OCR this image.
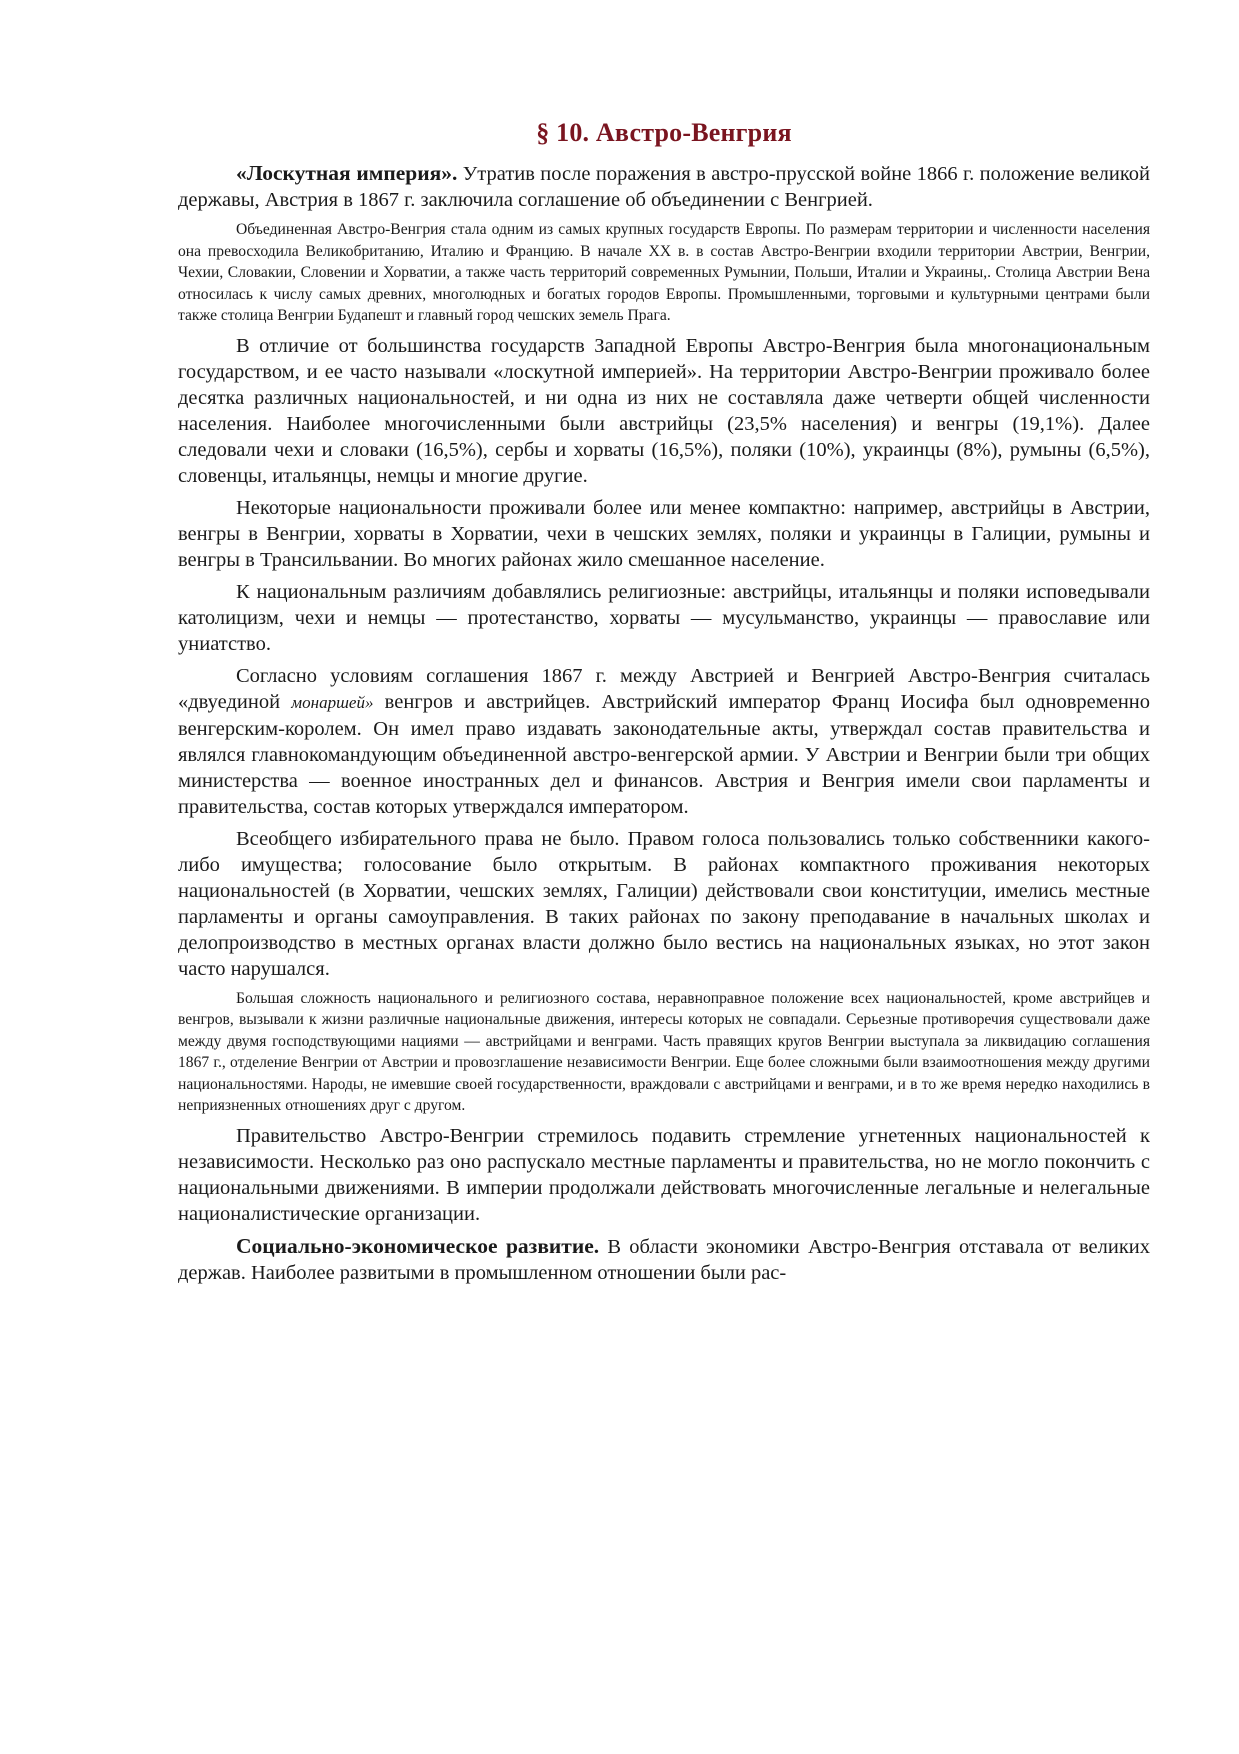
§ 10. Австро-Венгрия

«Лоскутная империя». Утратив после поражения в австро-прусской войне 1866 г. положение великой державы, Австрия в 1867 г. заключила соглашение об объединении с Венгрией.

Объединенная Австро-Венгрия стала одним из самых крупных государств Европы. По размерам территории и численности населения она превосходила Великобританию, Италию и Францию. В начале XX в. в состав Австро-Венгрии входили территории Австрии, Венгрии, Чехии, Словакии, Словении и Хорватии, а также часть территорий современных Румынии, Польши, Италии и Украины,. Столица Австрии Вена относилась к числу самых древних, многолюдных и богатых городов Европы. Промышленными, торговыми и культурными центрами были также столица Венгрии Будапешт и главный город чешских земель Прага.

В отличие от большинства государств Западной Европы Австро-Венгрия была многонациональным государством, и ее часто называли «лоскутной империей». На территории Австро-Венгрии проживало более десятка различных национальностей, и ни одна из них не составляла даже четверти общей численности населения. Наиболее многочисленными были австрийцы (23,5% населения) и венгры (19,1%). Далее следовали чехи и словаки (16,5%), сербы и хорваты (16,5%), поляки (10%), украинцы (8%), румыны (6,5%), словенцы, итальянцы, немцы и многие другие.

Некоторые национальности проживали более или менее компактно: например, австрийцы в Австрии, венгры в Венгрии, хорваты в Хорватии, чехи в чешских землях, поляки и украинцы в Галиции, румыны и венгры в Трансильвании. Во многих районах жило смешанное население.

К национальным различиям добавлялись религиозные: австрийцы, итальянцы и поляки исповедывали католицизм, чехи и немцы — протестанство, хорваты — мусульманство, украинцы — православие или униатство.

Согласно условиям соглашения 1867 г. между Австрией и Венгрией Австро-Венгрия считалась «двуединой монаршей» венгров и австрийцев. Австрийский император Франц Иосифа был одновременно венгерским-королем. Он имел право издавать законодательные акты, утверждал состав правительства и являлся главнокомандующим объединенной австро-венгерской армии. У Австрии и Венгрии были три общих министерства — военное иностранных дел и финансов. Австрия и Венгрия имели свои парламенты и правительства, состав которых утверждался императором.

Всеобщего избирательного права не было. Правом голоса пользовались только собственники какого-либо имущества; голосование было открытым. В районах компактного проживания некоторых национальностей (в Хорватии, чешских землях, Галиции) действовали свои конституции, имелись местные парламенты и органы самоуправления. В таких районах по закону преподавание в начальных школах и делопроизводство в местных органах власти должно было вестись на национальных языках, но этот закон часто нарушался.

Большая сложность национального и религиозного состава, неравноправное положение всех национальностей, кроме австрийцев и венгров, вызывали к жизни различные национальные движения, интересы которых не совпадали. Серьезные противоречия существовали даже между двумя господствующими нациями — австрийцами и венграми. Часть правящих кругов Венгрии выступала за ликвидацию соглашения 1867 г., отделение Венгрии от Австрии и провозглашение независимости Венгрии. Еще более сложными были взаимоотношения между другими национальностями. Народы, не имевшие своей государственности, враждовали с австрийцами и венграми, и в то же время нередко находились в неприязненных отношениях друг с другом.

Правительство Австро-Венгрии стремилось подавить стремление угнетенных национальностей к независимости. Несколько раз оно распускало местные парламенты и правительства, но не могло покончить с национальными движениями. В империи продолжали действовать многочисленные легальные и нелегальные националистические организации.

Социально-экономическое развитие. В области экономики Австро-Венгрия отставала от великих держав. Наиболее развитыми в промышленном отношении были рас-
